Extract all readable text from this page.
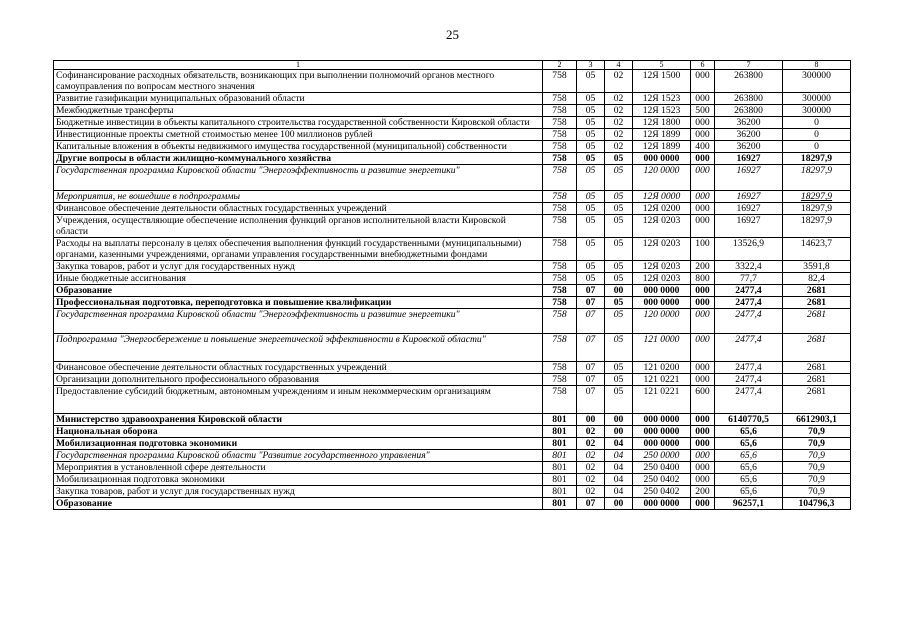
25
1	2	3	4	5	6	7	8
Софинансирование расходных обязательств, возникающих при выполнении полномочий органов местного самоуправления по вопросам местного значения	758	05	02	12Я 1500	000	263800	300000
Развитие газификации муниципальных образований области	758	05	02	12Я 1523	000	263800	300000
Межбюджетные трансферты	758	05	02	12Я 1523	500	263800	300000
Бюджетные инвестиции в объекты капитального строительства государственной собственности Кировской области	758	05	02	12Я 1800	000	36200	0
Инвестиционные проекты сметной стоимостью менее 100 миллионов рублей	758	05	02	12Я 1899	000	36200	0
Капитальные вложения в объекты недвижимого имущества государственной (муниципальной) собственности	758	05	02	12Я 1899	400	36200	0
Другие вопросы в области жилищно-коммунального хозяйства	758	05	05	000 0000	000	16927	18297,9
Государственная программа Кировской области "Энергоэффективность и развитие энергетики"	758	05	05	120 0000	000	16927	18297,9
Мероприятия, не вошедшие в подпрограммы	758	05	05	12Я 0000	000	16927	18297,9
Финансовое обеспечение деятельности областных государственных учреждений	758	05	05	12Я 0200	000	16927	18297,9
Учреждения, осуществляющие обеспечение исполнения функций органов исполнительной власти Кировской области	758	05	05	12Я 0203	000	16927	18297,9
Расходы на выплаты персоналу в целях обеспечения выполнения функций государственными (муниципальными) органами, казенными учреждениями, органами управления государственными внебюджетными фондами	758	05	05	12Я 0203	100	13526,9	14623,7
Закупка товаров, работ и услуг для государственных нужд	758	05	05	12Я 0203	200	3322,4	3591,8
Иные бюджетные ассигнования	758	05	05	12Я 0203	800	77,7	82,4
Образование	758	07	00	000 0000	000	2477,4	2681
Профессиональная подготовка, переподготовка и повышение квалификации	758	07	05	000 0000	000	2477,4	2681
Государственная программа Кировской области "Энергоэффективность и развитие энергетики"	758	07	05	120 0000	000	2477,4	2681
Подпрограмма "Энергосбережение и повышение энергетической эффективности в Кировской области"	758	07	05	121 0000	000	2477,4	2681
Финансовое обеспечение деятельности областных государственных учреждений	758	07	05	121 0200	000	2477,4	2681
Организации дополнительного профессионального образования	758	07	05	121 0221	000	2477,4	2681
Предоставление субсидий бюджетным, автономным учреждениям и иным некоммерческим организациям	758	07	05	121 0221	600	2477,4	2681
Министерство здравоохранения Кировской области	801	00	00	000 0000	000	6140770,5	6612903,1
Национальная оборона	801	02	00	000 0000	000	65,6	70,9
Мобилизационная подготовка экономики	801	02	04	000 0000	000	65,6	70,9
Государственная программа Кировской области "Развитие государственного управления"	801	02	04	250 0000	000	65,6	70,9
Мероприятия в установленной сфере деятельности	801	02	04	250 0400	000	65,6	70,9
Мобилизационная подготовка экономики	801	02	04	250 0402	000	65,6	70,9
Закупка товаров, работ и услуг для государственных нужд	801	02	04	250 0402	200	65,6	70,9
Образование	801	07	00	000 0000	000	96257,1	104796,3
